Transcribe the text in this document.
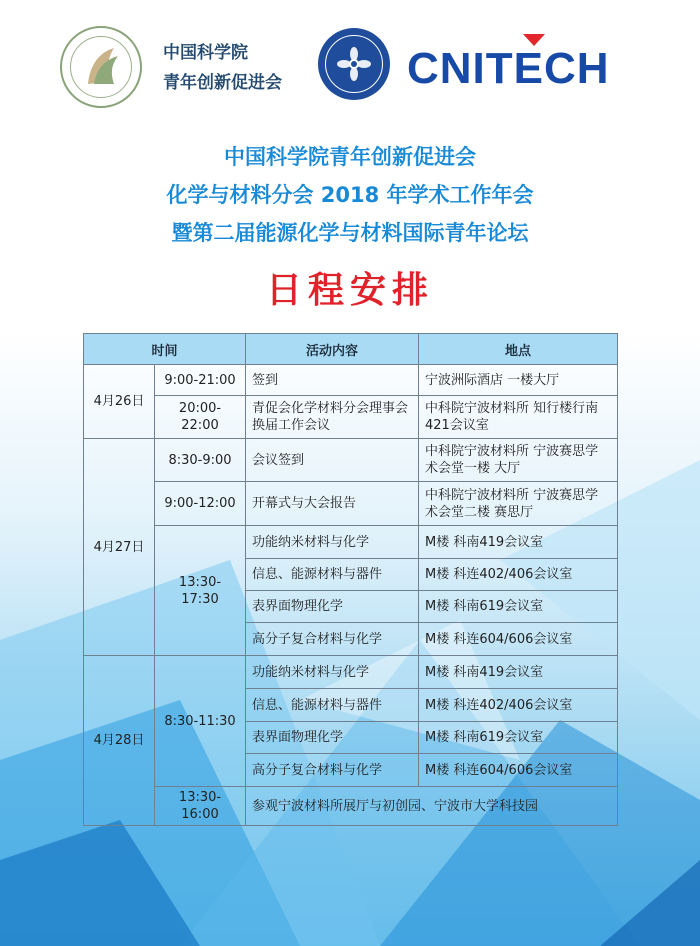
中国科学院
青年创新促进会	CNITECH
中国科学院青年创新促进会
化学与材料分会 2018 年学术工作年会
暨第二届能源化学与材料国际青年论坛
日程安排
时间		活动内容	地点
4月26日	9:00-21:00	签到	宁波洲际酒店 一楼大厅
	20:00-22:00	青促会化学材料分会理事会换届工作会议	中科院宁波材料所 知行楼行南421会议室
4月27日	8:30-9:00	会议签到	中科院宁波材料所 宁波赛思学术会堂一楼 大厅
	9:00-12:00	开幕式与大会报告	中科院宁波材料所 宁波赛思学术会堂二楼 赛思厅
	13:30-17:30	功能纳米材料与化学	M楼 科南419会议室
		信息、能源材料与器件	M楼 科连402/406会议室
		表界面物理化学	M楼 科南619会议室
		高分子复合材料与化学	M楼 科连604/606会议室
4月28日	8:30-11:30	功能纳米材料与化学	M楼 科南419会议室
		信息、能源材料与器件	M楼 科连402/406会议室
		表界面物理化学	M楼 科南619会议室
		高分子复合材料与化学	M楼 科连604/606会议室
	13:30-16:00	参观宁波材料所展厅与初创园、宁波市大学科技园	
